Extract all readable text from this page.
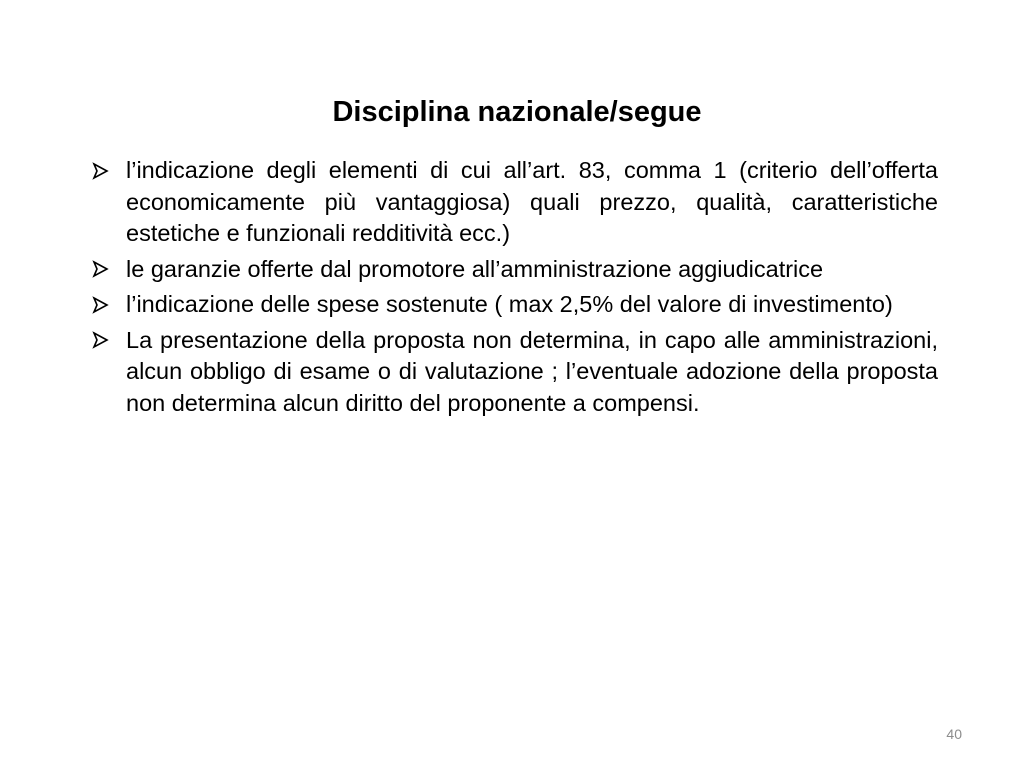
Disciplina nazionale/segue
l’indicazione degli elementi di cui all’art. 83, comma 1 (criterio dell’offerta economicamente più vantaggiosa) quali prezzo, qualità, caratteristiche estetiche e funzionali redditività ecc.)
le garanzie offerte dal promotore all’amministrazione aggiudicatrice
l’indicazione delle spese sostenute ( max 2,5% del valore di investimento)
La presentazione della proposta non determina, in capo alle amministrazioni, alcun obbligo di esame o di valutazione ; l’eventuale adozione della proposta non determina alcun diritto del proponente a compensi.
40
